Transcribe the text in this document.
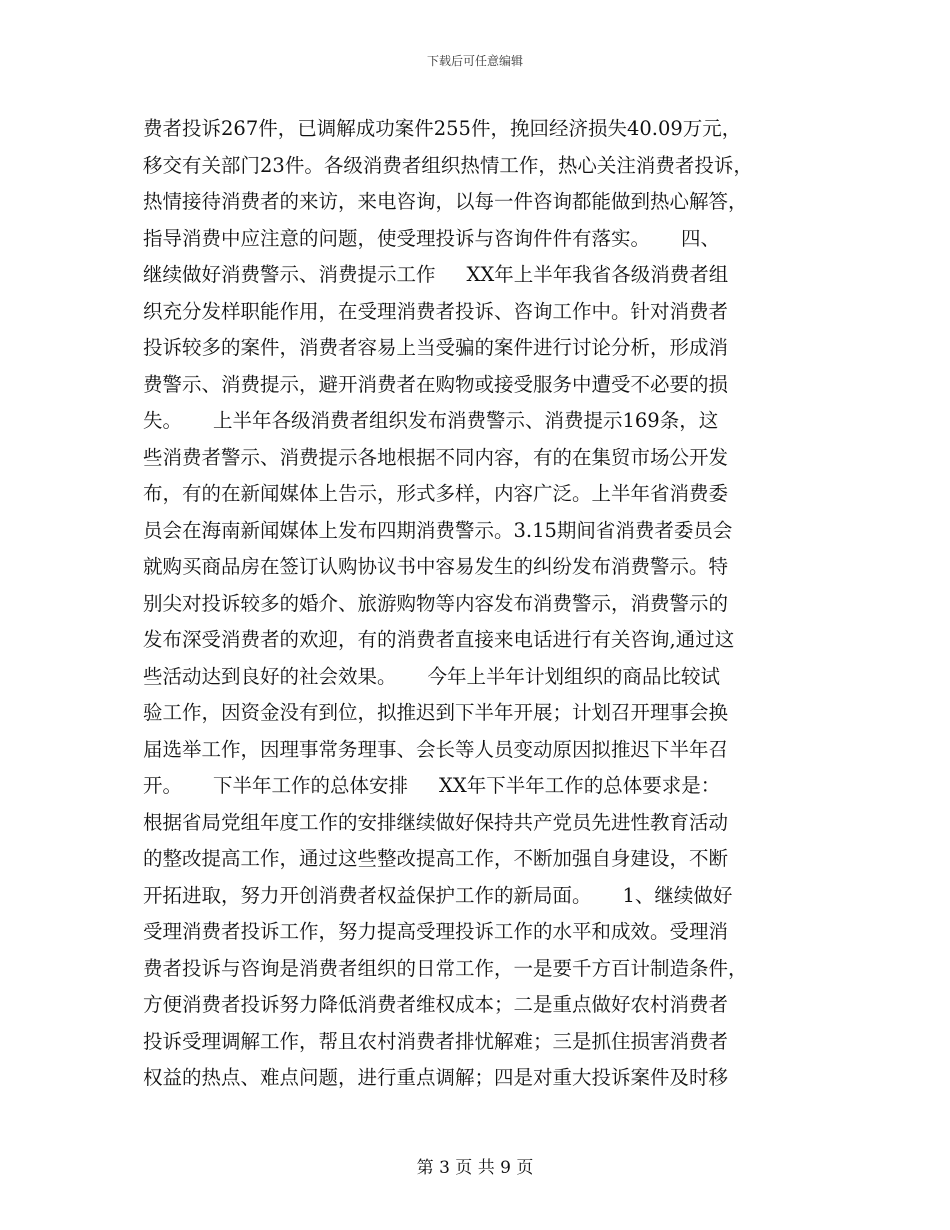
下载后可任意编辑
费者投诉267件，已调解成功案件255件，挽回经济损失40.09万元，
移交有关部门23件。各级消费者组织热情工作，热心关注消费者投诉，
热情接待消费者的来访，来电咨询，以每一件咨询都能做到热心解答，
指导消费中应注意的问题，使受理投诉与咨询件件有落实。     四、
继续做好消费警示、消费提示工作     XX年上半年我省各级消费者组
织充分发样职能作用，在受理消费者投诉、咨询工作中。针对消费者
投诉较多的案件，消费者容易上当受骗的案件进行讨论分析，形成消
费警示、消费提示，避开消费者在购物或接受服务中遭受不必要的损
失。     上半年各级消费者组织发布消费警示、消费提示169条，这
些消费者警示、消费提示各地根据不同内容，有的在集贸市场公开发
布，有的在新闻媒体上告示，形式多样，内容广泛。上半年省消费委
员会在海南新闻媒体上发布四期消费警示。3.15期间省消费者委员会
就购买商品房在签订认购协议书中容易发生的纠纷发布消费警示。特
别尖对投诉较多的婚介、旅游购物等内容发布消费警示，消费警示的
发布深受消费者的欢迎，有的消费者直接来电话进行有关咨询,通过这
些活动达到良好的社会效果。     今年上半年计划组织的商品比较试
验工作，因资金没有到位，拟推迟到下半年开展；计划召开理事会换
届选举工作，因理事常务理事、会长等人员变动原因拟推迟下半年召
开。     下半年工作的总体安排     XX年下半年工作的总体要求是：
根据省局党组年度工作的安排继续做好保持共产党员先进性教育活动
的整改提高工作，通过这些整改提高工作，不断加强自身建设，不断
开拓进取，努力开创消费者权益保护工作的新局面。     1、继续做好
受理消费者投诉工作，努力提高受理投诉工作的水平和成效。受理消
费者投诉与咨询是消费者组织的日常工作，一是要千方百计制造条件，
方便消费者投诉努力降低消费者维权成本；二是重点做好农村消费者
投诉受理调解工作，帮且农村消费者排忧解难；三是抓住损害消费者
权益的热点、难点问题，进行重点调解；四是对重大投诉案件及时移
第 3 页 共 9 页
